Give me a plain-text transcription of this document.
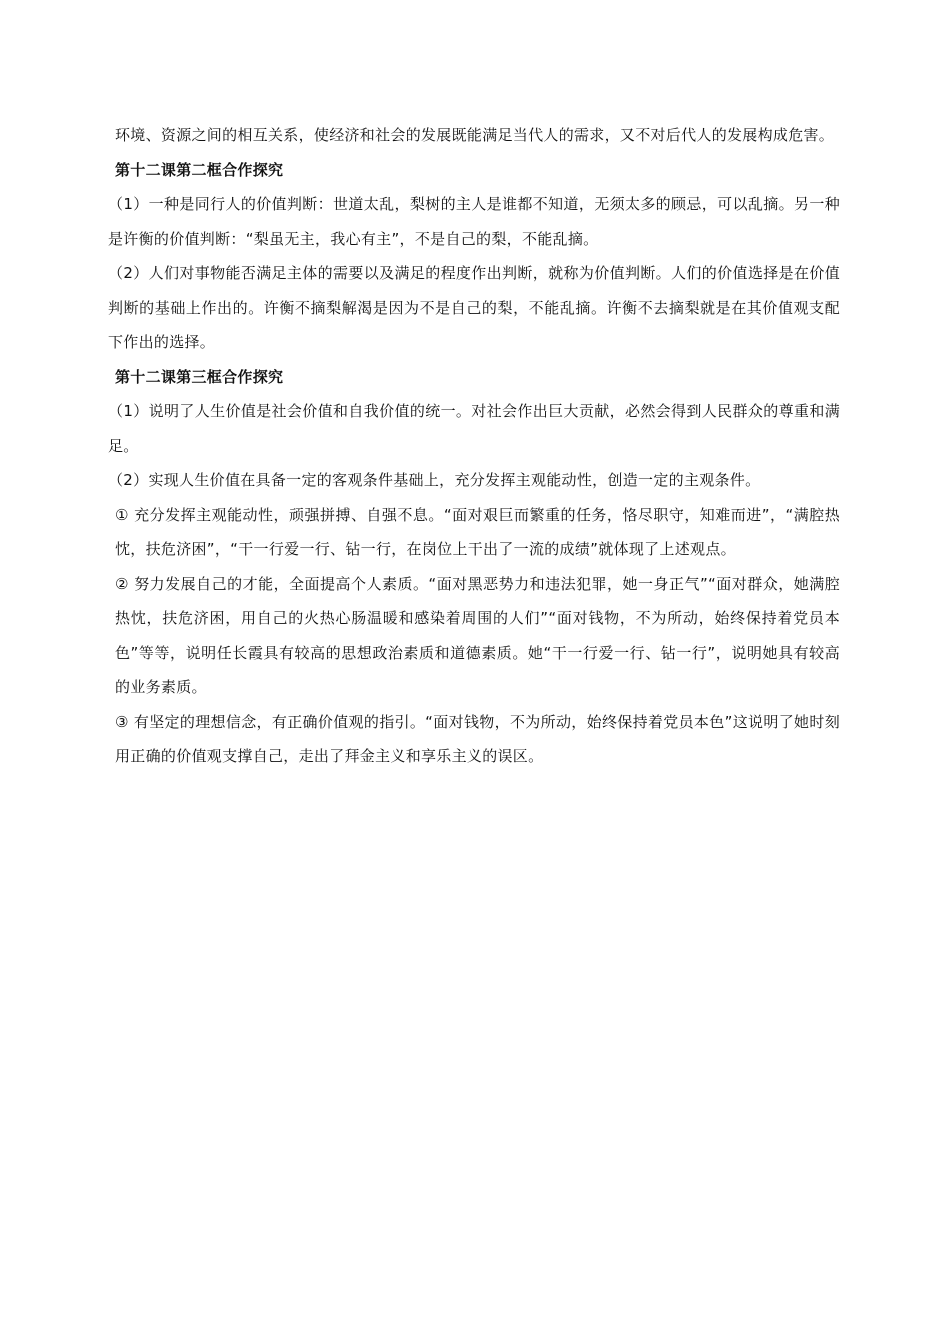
环境、资源之间的相互关系，使经济和社会的发展既能满足当代人的需求，又不对后代人的发展构成危害。

第十二课第二框合作探究

（1）一种是同行人的价值判断：世道太乱，梨树的主人是谁都不知道，无须太多的顾忌，可以乱摘。另一种是许衡的价值判断：“梨虽无主，我心有主”，不是自己的梨，不能乱摘。

（2）人们对事物能否满足主体的需要以及满足的程度作出判断，就称为价值判断。人们的价值选择是在价值判断的基础上作出的。许衡不摘梨解渴是因为不是自己的梨，不能乱摘。许衡不去摘梨就是在其价值观支配下作出的选择。

第十二课第三框合作探究

（1）说明了人生价值是社会价值和自我价值的统一。对社会作出巨大贡献，必然会得到人民群众的尊重和满足。

（2）实现人生价值在具备一定的客观条件基础上，充分发挥主观能动性，创造一定的主观条件。

① 充分发挥主观能动性，顽强拼搏、自强不息。“面对艰巨而繁重的任务，恪尽职守，知难而进”，“满腔热忱，扶危济困”，“干一行爱一行、钻一行，在岗位上干出了一流的成绩”就体现了上述观点。

② 努力发展自己的才能，全面提高个人素质。“面对黑恶势力和违法犯罪，她一身正气”“面对群众，她满腔热忱，扶危济困，用自己的火热心肠温暖和感染着周围的人们”“面对钱物，不为所动，始终保持着党员本色”等等，说明任长霞具有较高的思想政治素质和道德素质。她“干一行爱一行、钻一行”，说明她具有较高的业务素质。

③ 有坚定的理想信念，有正确价值观的指引。“面对钱物，不为所动，始终保持着党员本色”这说明了她时刻用正确的价值观支撑自己，走出了拜金主义和享乐主义的误区。
